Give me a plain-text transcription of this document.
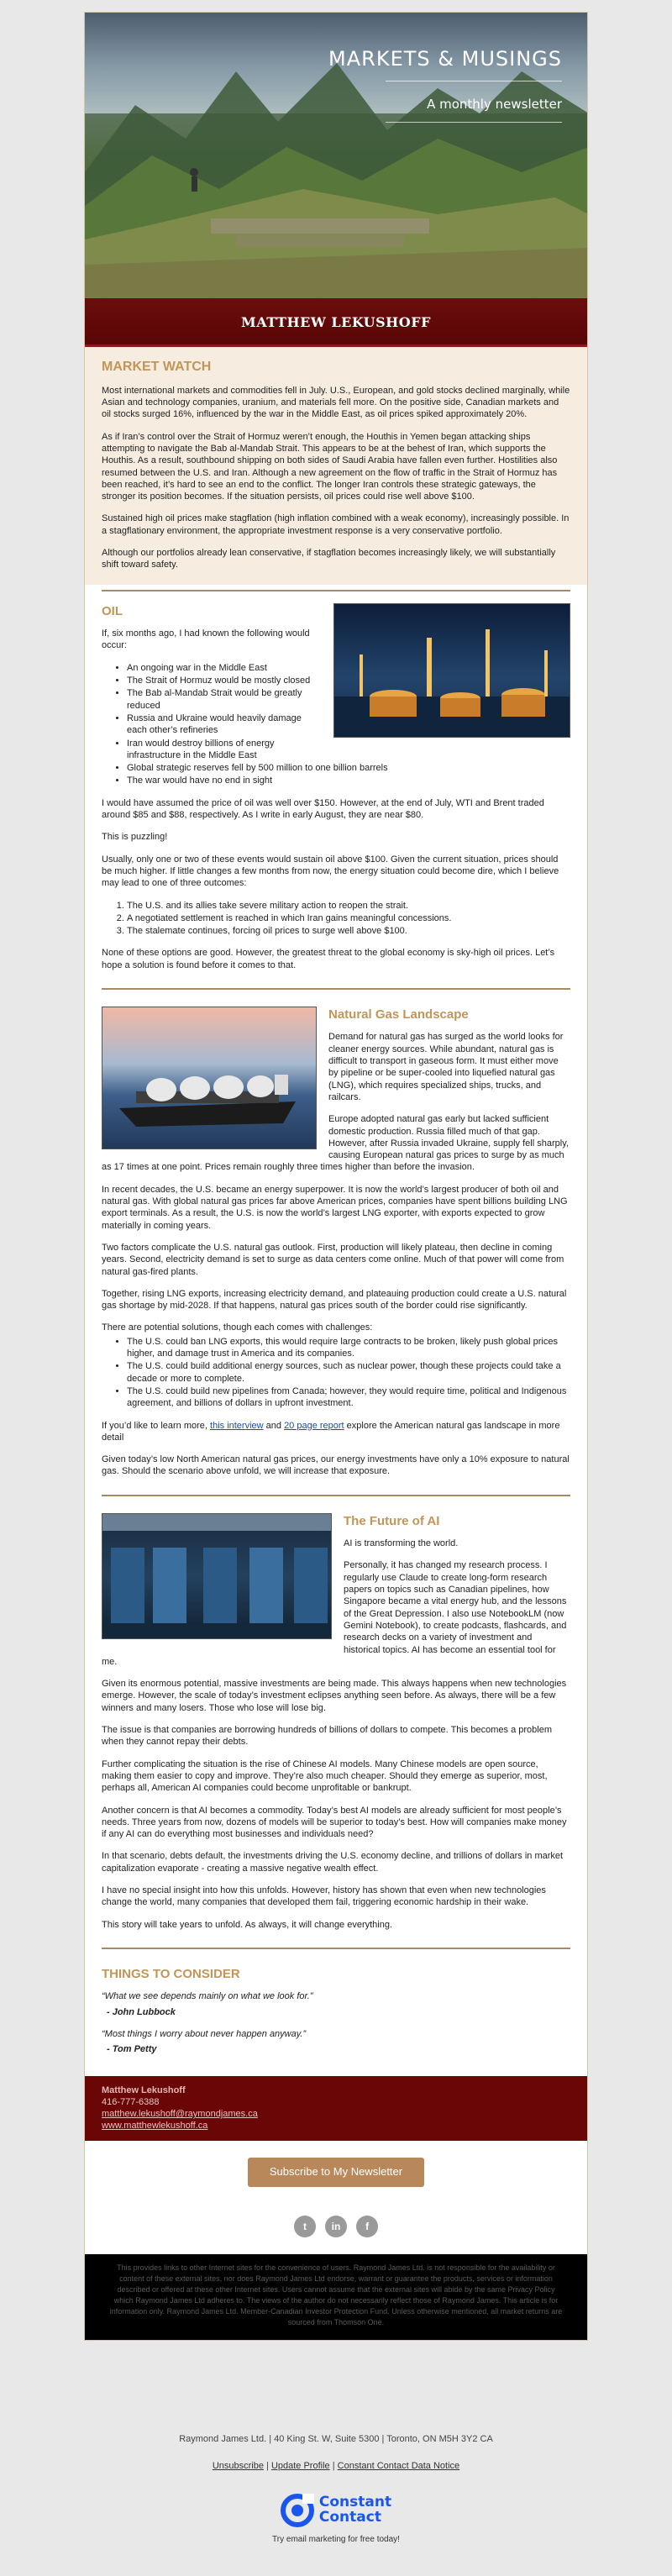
MARKETS & MUSINGS
A monthly newsletter
MATTHEW LEKUSHOFF
MARKET WATCH

Most international markets and commodities fell in July. U.S., European, and gold stocks declined marginally, while Asian and technology companies, uranium, and materials fell more. On the positive side, Canadian markets and oil stocks surged 16%, influenced by the war in the Middle East, as oil prices spiked approximately 20%.

As if Iran’s control over the Strait of Hormuz weren’t enough, the Houthis in Yemen began attacking ships attempting to navigate the Bab al-Mandab Strait. This appears to be at the behest of Iran, which supports the Houthis. As a result, southbound shipping on both sides of Saudi Arabia have fallen even further. Hostilities also resumed between the U.S. and Iran. Although a new agreement on the flow of traffic in the Strait of Hormuz has been reached, it’s hard to see an end to the conflict. The longer Iran controls these strategic gateways, the stronger its position becomes. If the situation persists, oil prices could rise well above $100.

Sustained high oil prices make stagflation (high inflation combined with a weak economy), increasingly possible. In a stagflationary environment, the appropriate investment response is a very conservative portfolio.

Although our portfolios already lean conservative, if stagflation becomes increasingly likely, we will substantially shift toward safety.

OIL

If, six months ago, I had known the following would occur:

• An ongoing war in the Middle East
• The Strait of Hormuz would be mostly closed
• The Bab al-Mandab Strait would be greatly reduced
• Russia and Ukraine would heavily damage each other’s refineries
• Iran would destroy billions of energy infrastructure in the Middle East
• Global strategic reserves fell by 500 million to one billion barrels
• The war would have no end in sight

I would have assumed the price of oil was well over $150. However, at the end of July, WTI and Brent traded around $85 and $88, respectively. As I write in early August, they are near $80.

This is puzzling!

Usually, only one or two of these events would sustain oil above $100. Given the current situation, prices should be much higher. If little changes a few months from now, the energy situation could become dire, which I believe may lead to one of three outcomes:

1. The U.S. and its allies take severe military action to reopen the strait.
2. A negotiated settlement is reached in which Iran gains meaningful concessions.
3. The stalemate continues, forcing oil prices to surge well above $100.

None of these options are good. However, the greatest threat to the global economy is sky-high oil prices. Let’s hope a solution is found before it comes to that.

Natural Gas Landscape

Demand for natural gas has surged as the world looks for cleaner energy sources. While abundant, natural gas is difficult to transport in gaseous form. It must either move by pipeline or be super-cooled into liquefied natural gas (LNG), which requires specialized ships, trucks, and railcars.

Europe adopted natural gas early but lacked sufficient domestic production. Russia filled much of that gap. However, after Russia invaded Ukraine, supply fell sharply, causing European natural gas prices to surge by as much as 17 times at one point. Prices remain roughly three times higher than before the invasion.

In recent decades, the U.S. became an energy superpower. It is now the world’s largest producer of both oil and natural gas. With global natural gas prices far above American prices, companies have spent billions building LNG export terminals. As a result, the U.S. is now the world’s largest LNG exporter, with exports expected to grow materially in coming years.

Two factors complicate the U.S. natural gas outlook. First, production will likely plateau, then decline in coming years. Second, electricity demand is set to surge as data centers come online. Much of that power will come from natural gas-fired plants.

Together, rising LNG exports, increasing electricity demand, and plateauing production could create a U.S. natural gas shortage by mid-2028. If that happens, natural gas prices south of the border could rise significantly.

There are potential solutions, though each comes with challenges:

• The U.S. could ban LNG exports, this would require large contracts to be broken, likely push global prices higher, and damage trust in America and its companies.
• The U.S. could build additional energy sources, such as nuclear power, though these projects could take a decade or more to complete.
• The U.S. could build new pipelines from Canada; however, they would require time, political and Indigenous agreement, and billions of dollars in upfront investment.

If you’d like to learn more, this interview and 20 page report explore the American natural gas landscape in more detail

Given today’s low North American natural gas prices, our energy investments have only a 10% exposure to natural gas. Should the scenario above unfold, we will increase that exposure.

The Future of AI

AI is transforming the world.

Personally, it has changed my research process. I regularly use Claude to create long-form research papers on topics such as Canadian pipelines, how Singapore became a vital energy hub, and the lessons of the Great Depression. I also use NotebookLM (now Gemini Notebook), to create podcasts, flashcards, and research decks on a variety of investment and historical topics. AI has become an essential tool for me.

Given its enormous potential, massive investments are being made. This always happens when new technologies emerge. However, the scale of today’s investment eclipses anything seen before. As always, there will be a few winners and many losers. Those who lose will lose big.

The issue is that companies are borrowing hundreds of billions of dollars to compete. This becomes a problem when they cannot repay their debts.

Further complicating the situation is the rise of Chinese AI models. Many Chinese models are open source, making them easier to copy and improve. They’re also much cheaper. Should they emerge as superior, most, perhaps all, American AI companies could become unprofitable or bankrupt.

Another concern is that AI becomes a commodity. Today’s best AI models are already sufficient for most people’s needs. Three years from now, dozens of models will be superior to today’s best. How will companies make money if any AI can do everything most businesses and individuals need?

In that scenario, debts default, the investments driving the U.S. economy decline, and trillions of dollars in market capitalization evaporate - creating a massive negative wealth effect.

I have no special insight into how this unfolds. However, history has shown that even when new technologies change the world, many companies that developed them fail, triggering economic hardship in their wake.

This story will take years to unfold. As always, it will change everything.

THINGS TO CONSIDER
“What we see depends mainly on what we look for.”
- John Lubbock
“Most things I worry about never happen anyway.”
- Tom Petty
Matthew Lekushoff
416-777-6388
matthew.lekushoff@raymondjames.ca
www.matthewlekushoff.ca
Subscribe to My Newsletter
t in f
This provides links to other Internet sites for the convenience of users. Raymond James Ltd. is not responsible for the availability or content of these external sites, nor does Raymond James Ltd endorse, warrant or guarantee the products, services or information described or offered at these other Internet sites. Users cannot assume that the external sites will abide by the same Privacy Policy which Raymond James Ltd adheres to. The views of the author do not necessarily reflect those of Raymond James. This article is for information only. Raymond James Ltd. Member-Canadian Investor Protection Fund. Unless otherwise mentioned, all market returns are sourced from Thomson One.
Raymond James Ltd. | 40 King St. W, Suite 5300 | Toronto, ON M5H 3Y2 CA
Unsubscribe | Update Profile | Constant Contact Data Notice
Constant
Contact
Try email marketing for free today!
